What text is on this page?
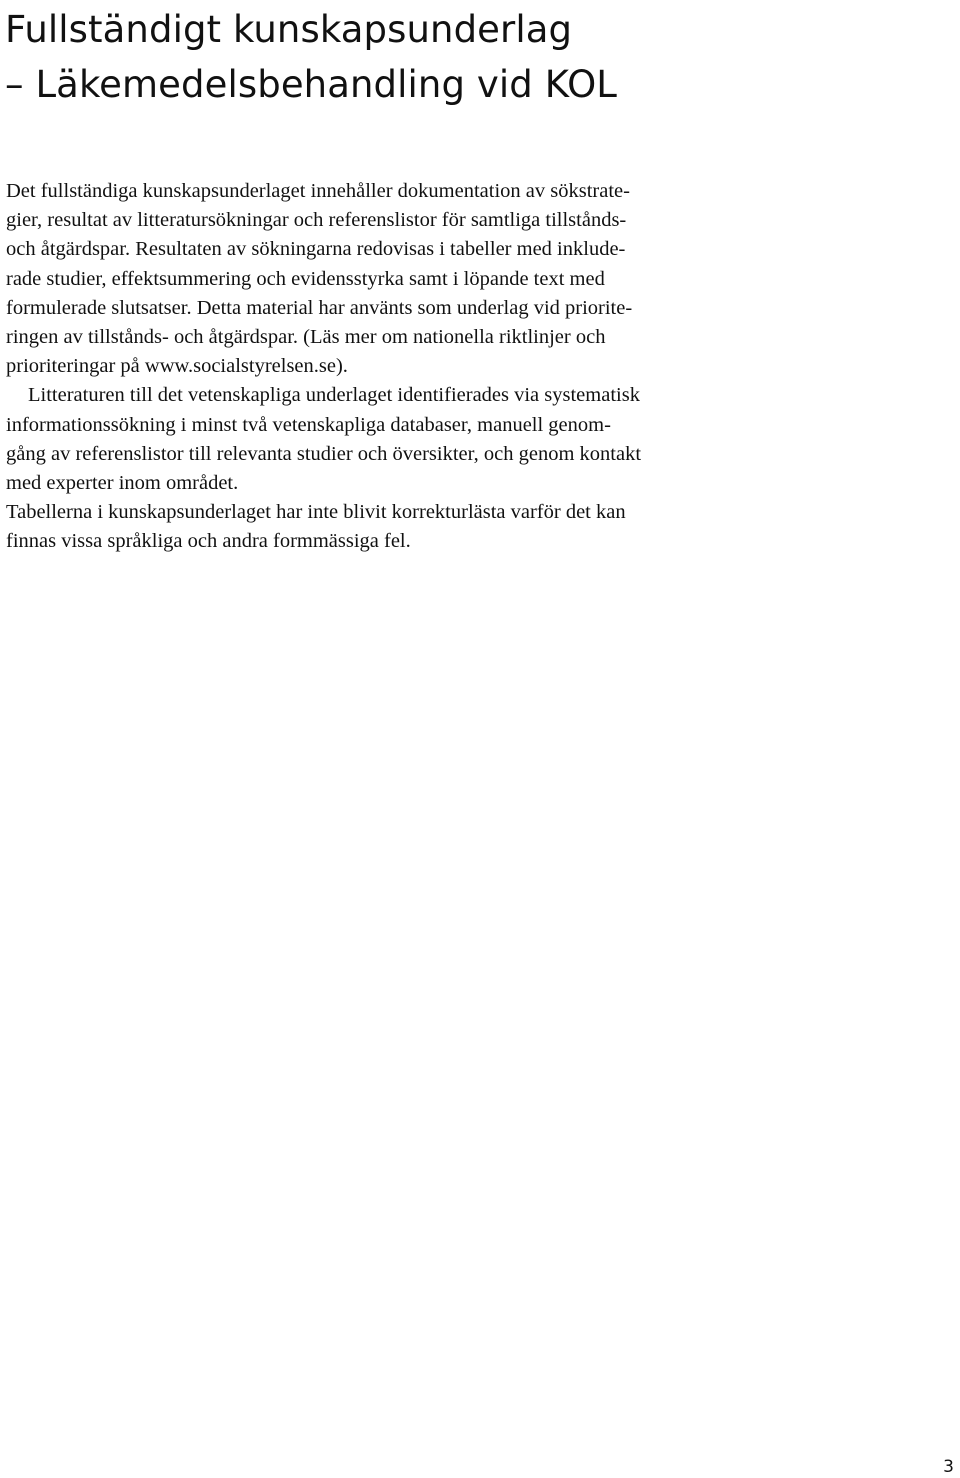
Fullständigt kunskapsunderlag
– Läkemedelsbehandling vid KOL
Det fullständiga kunskapsunderlaget innehåller dokumentation av sökstrate-
gier, resultat av litteratursökningar och referenslistor för samtliga tillstånds-
och åtgärdspar. Resultaten av sökningarna redovisas i tabeller med inklude-
rade studier, effektsummering och evidensstyrka samt i löpande text med
formulerade slutsatser. Detta material har använts som underlag vid priorite-
ringen av tillstånds- och åtgärdspar. (Läs mer om nationella riktlinjer och
prioriteringar på www.socialstyrelsen.se).
Litteraturen till det vetenskapliga underlaget identifierades via systematisk
informationssökning i minst två vetenskapliga databaser, manuell genom-
gång av referenslistor till relevanta studier och översikter, och genom kontakt
med experter inom området.
Tabellerna i kunskapsunderlaget har inte blivit korrekturlästa varför det kan
finnas vissa språkliga och andra formmässiga fel.
3
